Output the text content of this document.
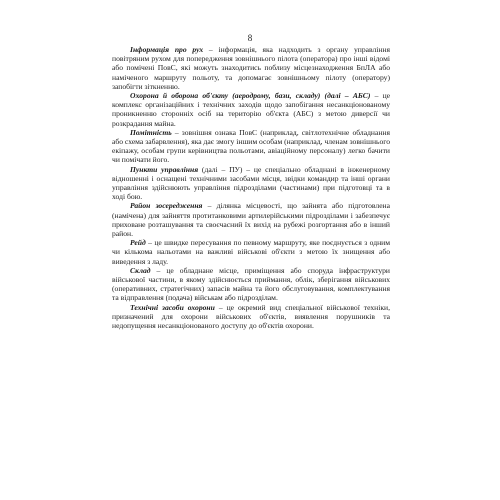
8

Інформація про рух – інформація, яка надходить з органу управління повітряним рухом для попередження зовнішнього пілота (оператора) про інші відомі або помічені ПовС, які можуть знаходитись поблизу місцезнаходження БпЛА або наміченого маршруту польоту, та допомагає зовнішньому пілоту (оператору) запобігти зіткненню.

Охорона й оборона об'єкту (аеродрому, бази, складу) (далі – АБС) – це комплекс організаційних і технічних заходів щодо запобігання несанкціонованому проникненню сторонніх осіб на територію об'єкта (АБС) з метою диверсії чи розкрадання майна.

Помітність – зовнішня ознака ПовС (наприклад, світлотехнічне обладнання або схема забарвлення), яка дає змогу іншим особам (наприклад, членам зовнішнього екіпажу, особам групи керівництва польотами, авіаційному персоналу) легко бачити чи помічати його.

Пункти управління (далі – ПУ) – це спеціально обладнані в інженерному відношенні і оснащені технічними засобами місця, звідки командир та інші органи управління здійснюють управління підрозділами (частинами) при підготовці та в ході бою.

Район зосередження – ділянка місцевості, що зайнята або підготовлена (намічена) для зайняття протитанковими артилерійськими підрозділами і забезпечує приховане розташування та своєчасний їх вихід на рубежі розгортання або в інший район.

Рейд – це швидке пересування по певному маршруту, яке поєднується з одним чи кількома нальотами на важливі військові об'єкти з метою їх знищення або виведення з ладу.

Склад – це обладнане місце, приміщення або споруда інфраструктури військової частини, в якому здійснюється приймання, облік, зберігання військових (оперативних, стратегічних) запасів майна та його обслуговування, комплектування та відправлення (подача) військам або підрозділам.

Технічні засоби охорони – це окремий вид спеціальної військової техніки, призначений для охорони військових об'єктів, виявлення порушників та недопущення несанкціонованого доступу до об'єктів охорони.
